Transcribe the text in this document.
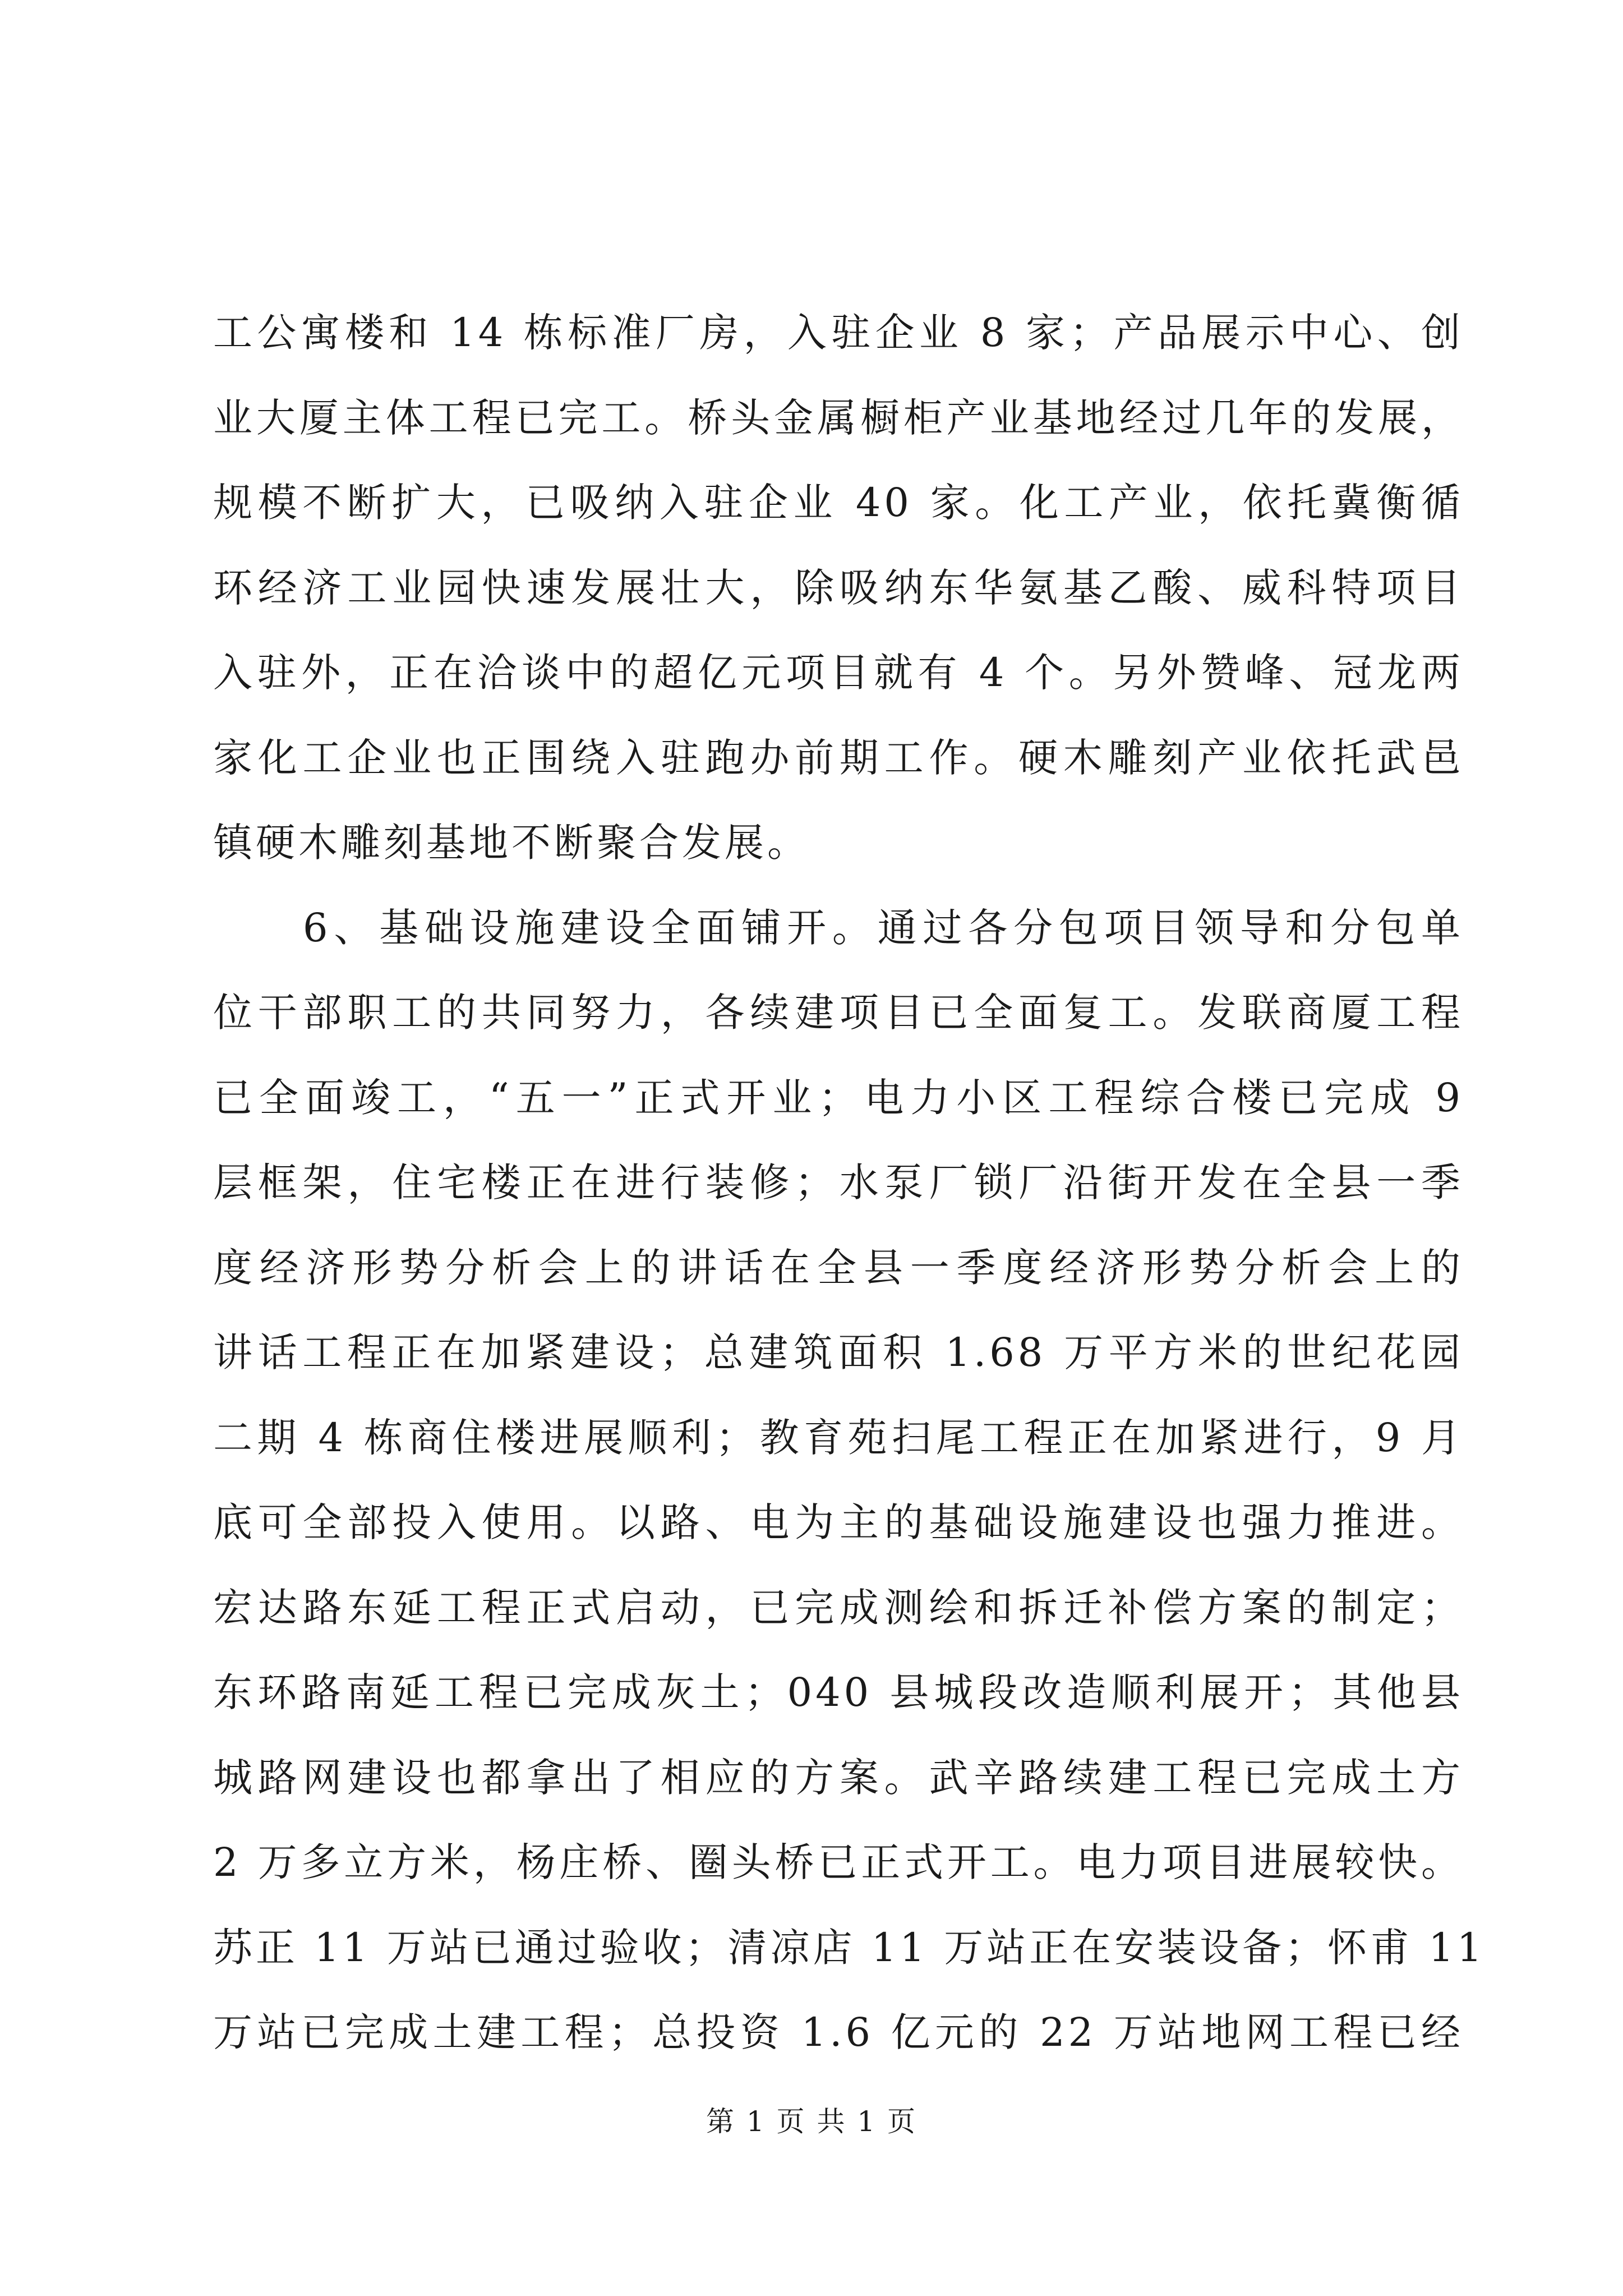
工公寓楼和 14 栋标准厂房，入驻企业 8 家；产品展示中心、创
业大厦主体工程已完工。桥头金属橱柜产业基地经过几年的发展，
规模不断扩大，已吸纳入驻企业 40 家。化工产业，依托冀衡循
环经济工业园快速发展壮大，除吸纳东华氨基乙酸、威科特项目
入驻外，正在洽谈中的超亿元项目就有 4 个。另外赞峰、冠龙两
家化工企业也正围绕入驻跑办前期工作。硬木雕刻产业依托武邑
镇硬木雕刻基地不断聚合发展。
6、基础设施建设全面铺开。通过各分包项目领导和分包单
位干部职工的共同努力，各续建项目已全面复工。发联商厦工程
已全面竣工，“五一”正式开业；电力小区工程综合楼已完成 9
层框架，住宅楼正在进行装修；水泵厂锁厂沿街开发在全县一季
度经济形势分析会上的讲话在全县一季度经济形势分析会上的
讲话工程正在加紧建设；总建筑面积 1.68 万平方米的世纪花园
二期 4 栋商住楼进展顺利；教育苑扫尾工程正在加紧进行，9 月
底可全部投入使用。以路、电为主的基础设施建设也强力推进。
宏达路东延工程正式启动，已完成测绘和拆迁补偿方案的制定；
东环路南延工程已完成灰土；040 县城段改造顺利展开；其他县
城路网建设也都拿出了相应的方案。武辛路续建工程已完成土方
2 万多立方米，杨庄桥、圈头桥已正式开工。电力项目进展较快。
苏正 11 万站已通过验收；清凉店 11 万站正在安装设备；怀甫 11
万站已完成土建工程；总投资 1.6 亿元的 22 万站地网工程已经
第 1 页 共 1 页
